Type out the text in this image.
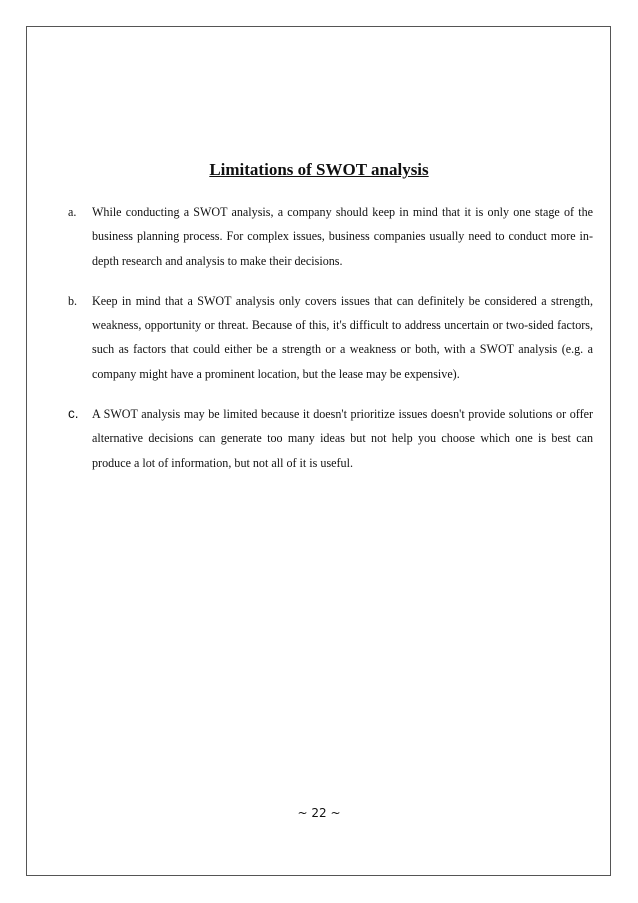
Limitations of SWOT analysis
a. While conducting a SWOT analysis, a company should keep in mind that it is only one stage of the business planning process. For complex issues, business companies usually need to conduct more in- depth research and analysis to make their decisions.
b. Keep in mind that a SWOT analysis only covers issues that can definitely be considered a strength, weakness, opportunity or threat. Because of this, it's difficult to address uncertain or two-sided factors, such as factors that could either be a strength or a weakness or both, with a SWOT analysis (e.g. a company might have a prominent location, but the lease may be expensive).
c. A SWOT analysis may be limited because it doesn't prioritize issues doesn't provide solutions or offer alternative decisions can generate too many ideas but not help you choose which one is best can produce a lot of information, but not all of it is useful.

~ 22 ~
